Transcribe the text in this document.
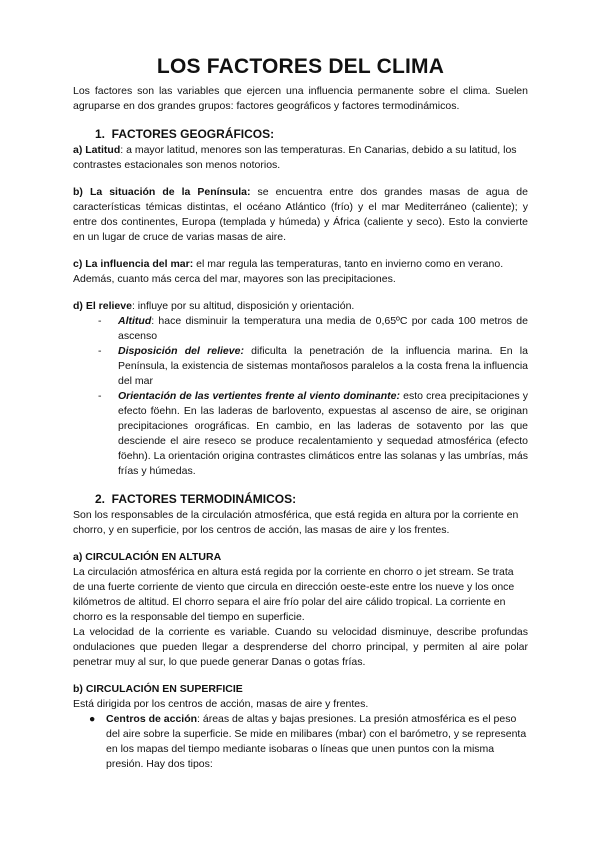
LOS FACTORES DEL CLIMA

Los factores son las variables que ejercen una influencia permanente sobre el clima. Suelen agruparse en dos grandes grupos: factores geográficos y factores termodinámicos.

1.  FACTORES GEOGRÁFICOS:

a) Latitud: a mayor latitud, menores son las temperaturas. En Canarias, debido a su latitud, los contrastes estacionales son menos notorios.

b) La situación de la Península: se encuentra entre dos grandes masas de agua de características témicas distintas, el océano Atlántico (frío) y el mar Mediterráneo (caliente); y entre dos continentes, Europa (templada y húmeda) y África (caliente y seco). Esto la convierte en un lugar de cruce de varias masas de aire.

c) La influencia del mar: el mar regula las temperaturas, tanto en invierno como en verano. Además, cuanto más cerca del mar, mayores son las precipitaciones.

d) El relieve: influye por su altitud, disposición y orientación.

- Altitud: hace disminuir la temperatura una media de 0,65ºC por cada 100 metros de ascenso
- Disposición del relieve: dificulta la penetración de la influencia marina. En la Península, la existencia de sistemas montañosos paralelos a la costa frena la influencia del mar
- Orientación de las vertientes frente al viento dominante: esto crea precipitaciones y efecto föehn. En las laderas de barlovento, expuestas al ascenso de aire, se originan precipitaciones orográficas. En cambio, en las laderas de sotavento por las que desciende el aire reseco se produce recalentamiento y sequedad atmosférica (efecto föehn). La orientación origina contrastes climáticos entre las solanas y las umbrías, más frías y húmedas.
2.  FACTORES TERMODINÁMICOS:

Son los responsables de la circulación atmosférica, que está regida en altura por la corriente en chorro, y en superficie, por los centros de acción, las masas de aire y los frentes.

a) CIRCULACIÓN EN ALTURA

La circulación atmosférica en altura está regida por la corriente en chorro o jet stream. Se trata de una fuerte corriente de viento que circula en dirección oeste-este entre los nueve y los once kilómetros de altitud. El chorro separa el aire frío polar del aire cálido tropical. La corriente en chorro es la responsable del tiempo en superficie.

La velocidad de la corriente es variable. Cuando su velocidad disminuye, describe profundas ondulaciones que pueden llegar a desprenderse del chorro principal, y permiten al aire polar penetrar muy al sur, lo que puede generar Danas o gotas frías.

b) CIRCULACIÓN EN SUPERFICIE

Está dirigida por los centros de acción, masas de aire y frentes.

● Centros de acción: áreas de altas y bajas presiones. La presión atmosférica es el peso del aire sobre la superficie. Se mide en milibares (mbar) con el barómetro, y se representa en los mapas del tiempo mediante isobaras o líneas que unen puntos con la misma presión. Hay dos tipos:
